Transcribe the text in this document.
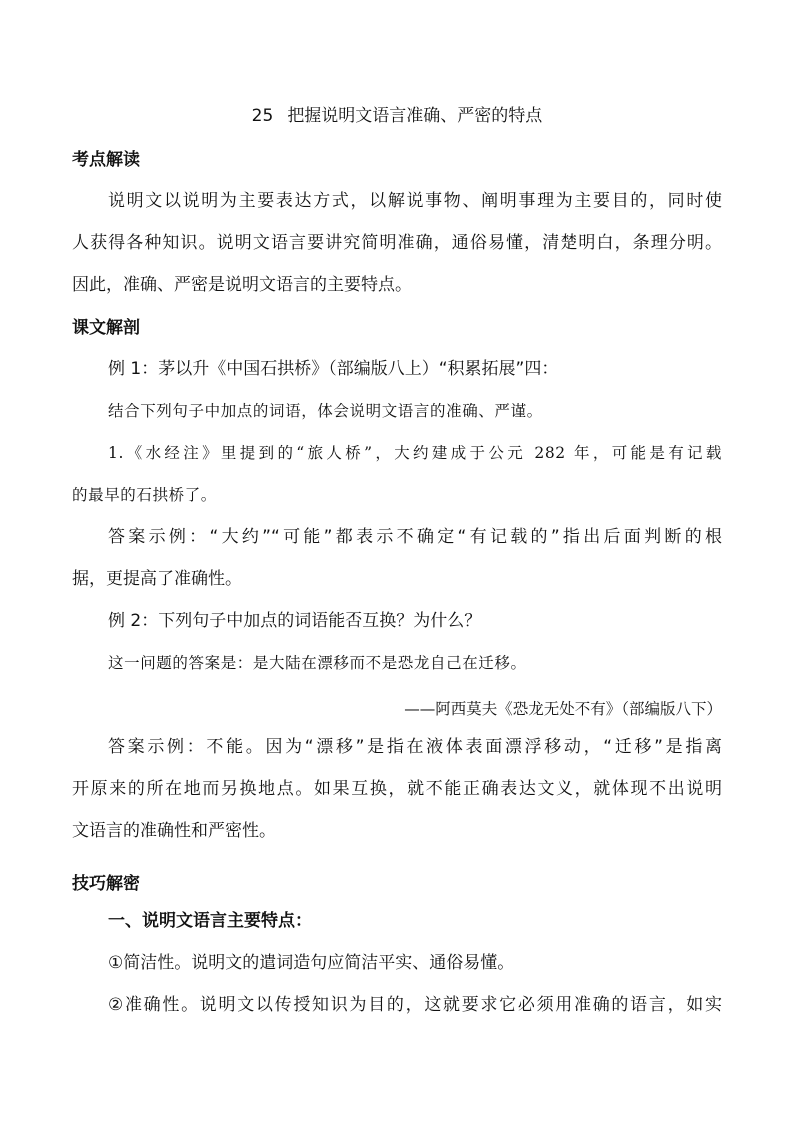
25 把握说明文语言准确、严密的特点
考点解读
说明文以说明为主要表达方式，以解说事物、阐明事理为主要目的，同时使
人获得各种知识。说明文语言要讲究简明准确，通俗易懂，清楚明白，条理分明。
因此，准确、严密是说明文语言的主要特点。
课文解剖
例 1：茅以升《中国石拱桥》（部编版八上）“积累拓展”四：
结合下列句子中加点的词语，体会说明文语言的准确、严谨。
1.《水经注》里提到的“旅人桥”，大约建成于公元 282 年，可能是有记载
的最早的石拱桥了。
答案示例：“大约”“可能”都表示不确定“有记载的”指出后面判断的根
据，更提高了准确性。
例 2：下列句子中加点的词语能否互换？为什么？
这一问题的答案是：是大陆在漂移而不是恐龙自己在迁移。
——阿西莫夫《恐龙无处不有》（部编版八下）
答案示例：不能。因为“漂移”是指在液体表面漂浮移动，“迁移”是指离
开原来的所在地而另换地点。如果互换，就不能正确表达文义，就体现不出说明
文语言的准确性和严密性。
技巧解密
一、说明文语言主要特点：
①简洁性。说明文的遣词造句应简洁平实、通俗易懂。
②准确性。说明文以传授知识为目的，这就要求它必须用准确的语言，如实
